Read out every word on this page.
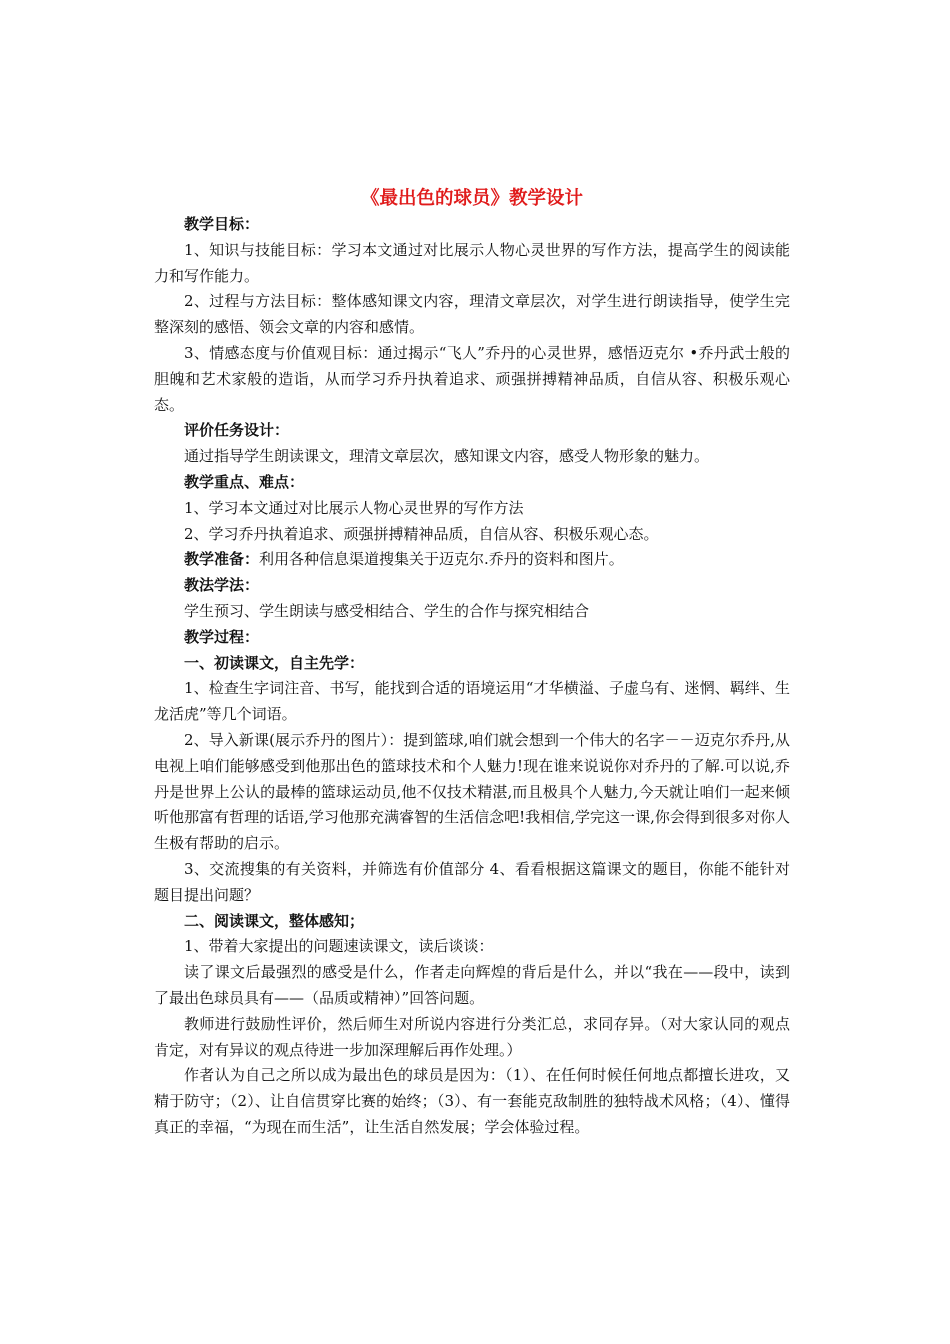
《最出色的球员》教学设计

教学目标：

1、知识与技能目标：学习本文通过对比展示人物心灵世界的写作方法，提高学生的阅读能力和写作能力。

2、过程与方法目标：整体感知课文内容，理清文章层次，对学生进行朗读指导，使学生完整深刻的感悟、领会文章的内容和感情。

3、情感态度与价值观目标：通过揭示“飞人”乔丹的心灵世界，感悟迈克尔 •乔丹武士般的胆魄和艺术家般的造诣，从而学习乔丹执着追求、顽强拼搏精神品质，自信从容、积极乐观心态。

评价任务设计：

通过指导学生朗读课文，理清文章层次，感知课文内容，感受人物形象的魅力。

教学重点、难点：

1、学习本文通过对比展示人物心灵世界的写作方法

2、学习乔丹执着追求、顽强拼搏精神品质，自信从容、积极乐观心态。

教学准备：利用各种信息渠道搜集关于迈克尔.乔丹的资料和图片。

教法学法：

学生预习、学生朗读与感受相结合、学生的合作与探究相结合

教学过程：

一、初读课文，自主先学：

1、检查生字词注音、书写，能找到合适的语境运用“才华横溢、子虚乌有、迷惘、羁绊、生龙活虎”等几个词语。

2、导入新课(展示乔丹的图片）：提到篮球,咱们就会想到一个伟大的名字－－迈克尔乔丹,从电视上咱们能够感受到他那出色的篮球技术和个人魅力!现在谁来说说你对乔丹的了解.可以说,乔丹是世界上公认的最棒的篮球运动员,他不仅技术精湛,而且极具个人魅力,今天就让咱们一起来倾听他那富有哲理的话语,学习他那充满睿智的生活信念吧!我相信,学完这一课,你会得到很多对你人生极有帮助的启示。

3、交流搜集的有关资料，并筛选有价值部分 4、看看根据这篇课文的题目，你能不能针对题目提出问题？

二、阅读课文，整体感知；

1、带着大家提出的问题速读课文，读后谈谈：

读了课文后最强烈的感受是什么，作者走向辉煌的背后是什么，并以“我在——段中，读到了最出色球员具有——（品质或精神）”回答问题。

教师进行鼓励性评价，然后师生对所说内容进行分类汇总，求同存异。（对大家认同的观点肯定，对有异议的观点待进一步加深理解后再作处理。）

作者认为自己之所以成为最出色的球员是因为：（1）、在任何时候任何地点都擅长进攻，又精于防守；（2）、让自信贯穿比赛的始终；（3）、有一套能克敌制胜的独特战术风格；（4）、懂得真正的幸福，“为现在而生活”，让生活自然发展；学会体验过程。
